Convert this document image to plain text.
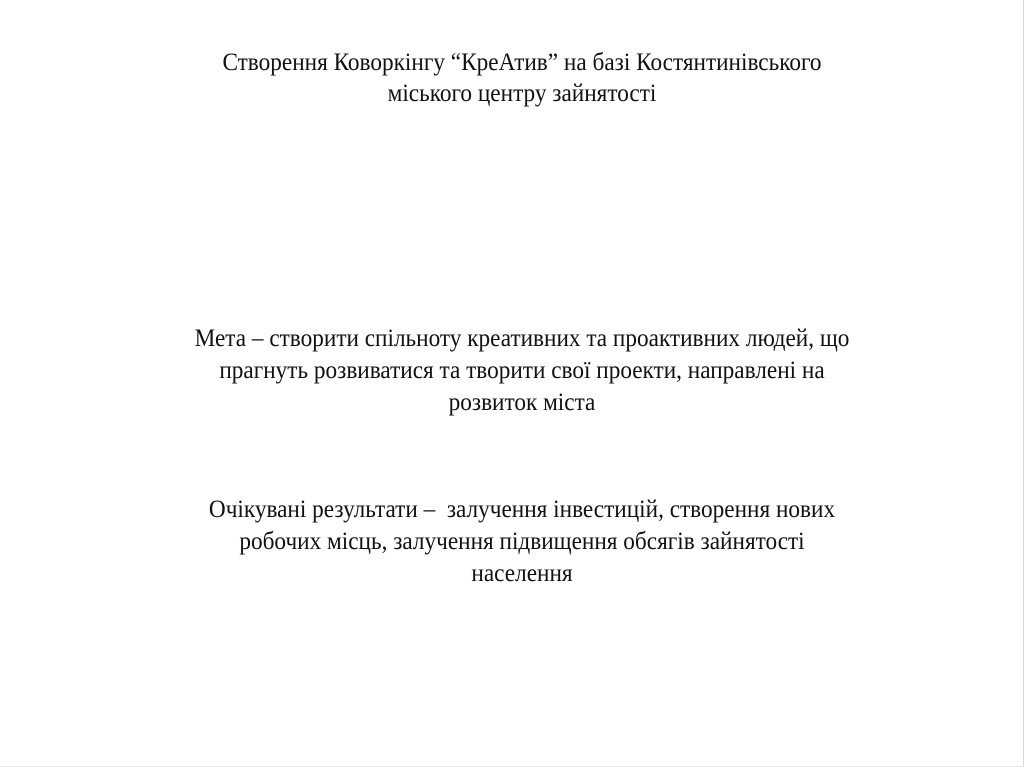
Створення Коворкінгу “КреАтив” на базі Костянтинівського
міського центру зайнятості
Мета – створити спільноту креативних та проактивних людей, що
прагнуть розвиватися та творити свої проекти, направлені на
розвиток міста
Очікувані результати –  залучення інвестицій, створення нових
робочих місць, залучення підвищення обсягів зайнятості
населення
